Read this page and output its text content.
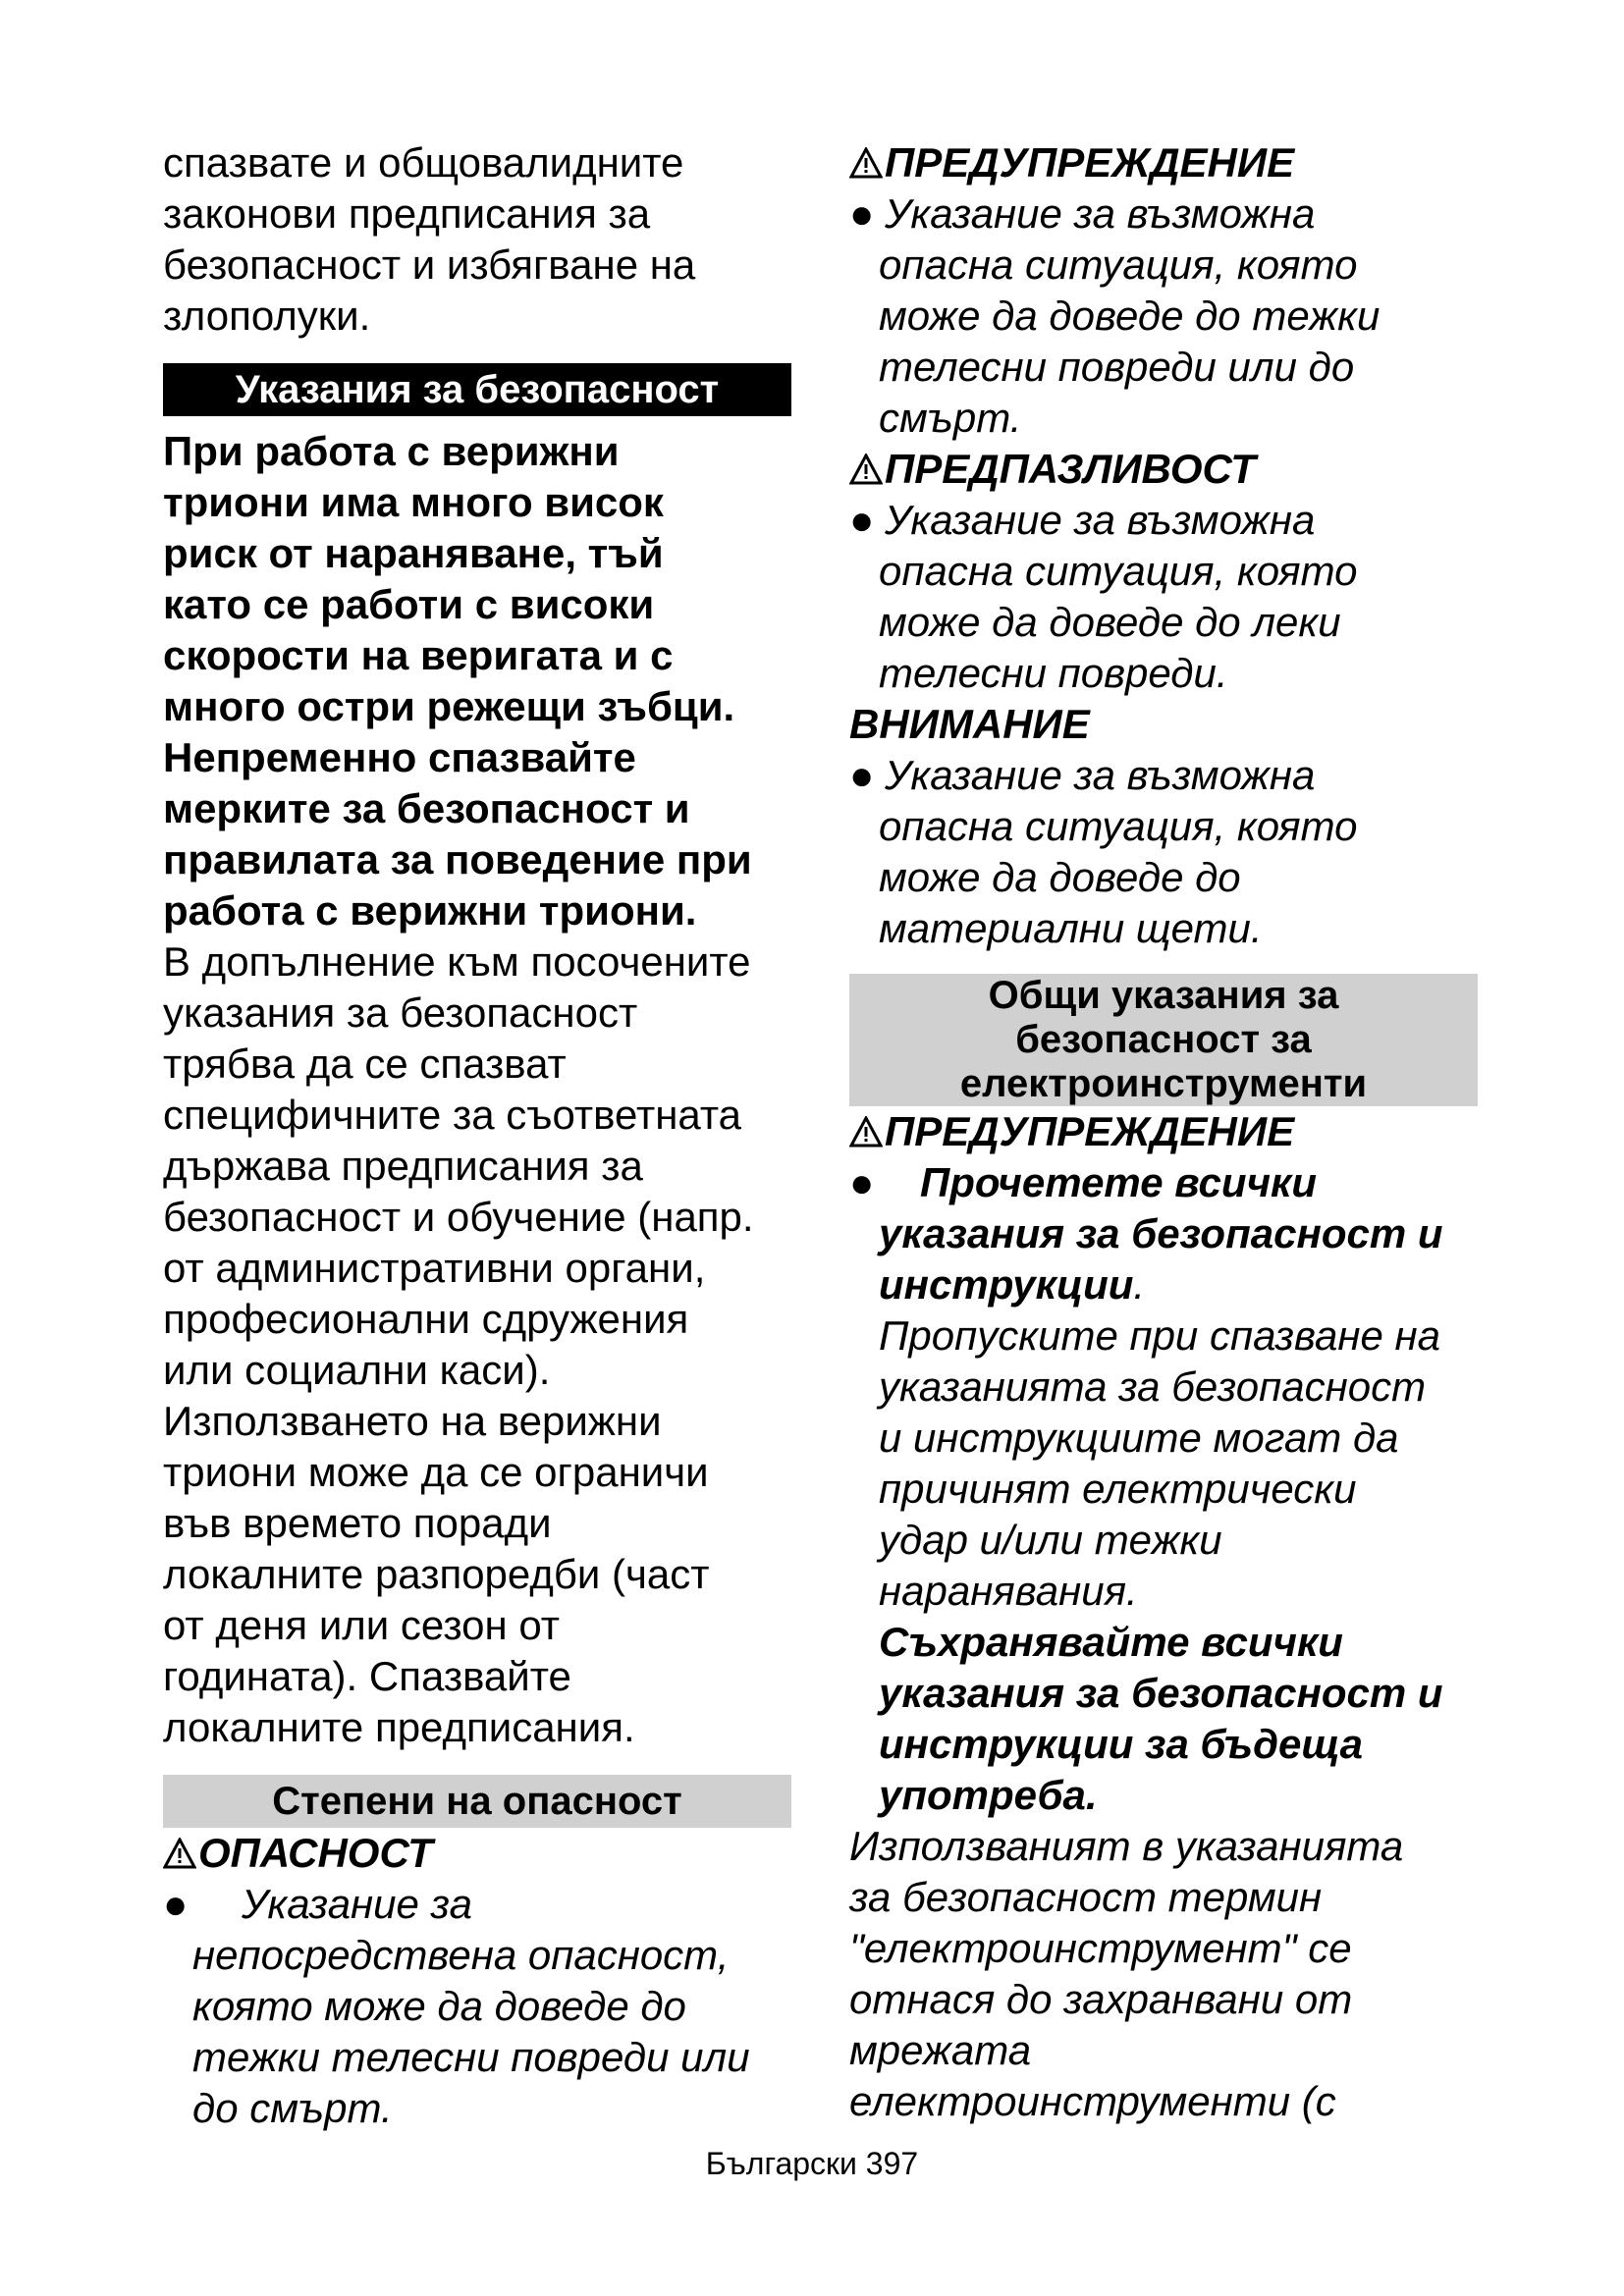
спазвате и общовалидните

законови предписания за

безопасност и избягване на

злополуки.

Указания за безопасност

При работа с верижни

триони има много висок

риск от нараняване, тъй

като се работи с високи

скорости на веригата и с

много остри режещи зъбци.

Непременно спазвайте

мерките за безопасност и

правилата за поведение при

работа с верижни триони.

В допълнение към посочените

указания за безопасност

трябва да се спазват

специфичните за съответната

държава предписания за

безопасност и обучение (напр.

от административни органи,

професионални сдружения

или социални каси).

Използването на верижни

триони може да се ограничи

във времето поради

локалните разпоредби (част

от деня или сезон от

годината). Спазвайте

локалните предписания.

Степени на опасност

ОПАСНОСТ

●	Указание за

непосредствена опасност,

която може да доведе до

тежки телесни повреди или

до смърт.

ПРЕДУПРЕЖДЕНИЕ

● Указание за възможна

опасна ситуация, която

може да доведе до тежки

телесни повреди или до

смърт.

ПРЕДПАЗЛИВОСТ

● Указание за възможна

опасна ситуация, която

може да доведе до леки

телесни повреди.

ВНИМАНИЕ

● Указание за възможна

опасна ситуация, която

може да доведе до

материални щети.

Общи указания за
безопасност за
електроинструменти

ПРЕДУПРЕЖДЕНИЕ

●	Прочетете всички

указания за безопасност и

инструкции.

Пропуските при спазване на

указанията за безопасност

и инструкциите могат да

причинят електрически

удар и/или тежки

наранявания.

Съхранявайте всички

указания за безопасност и

инструкции за бъдеща

употреба.

Използваният в указанията

за безопасност термин

"електроинструмент" се

отнася до захранвани от

мрежата

електроинструменти (с

Български 397
